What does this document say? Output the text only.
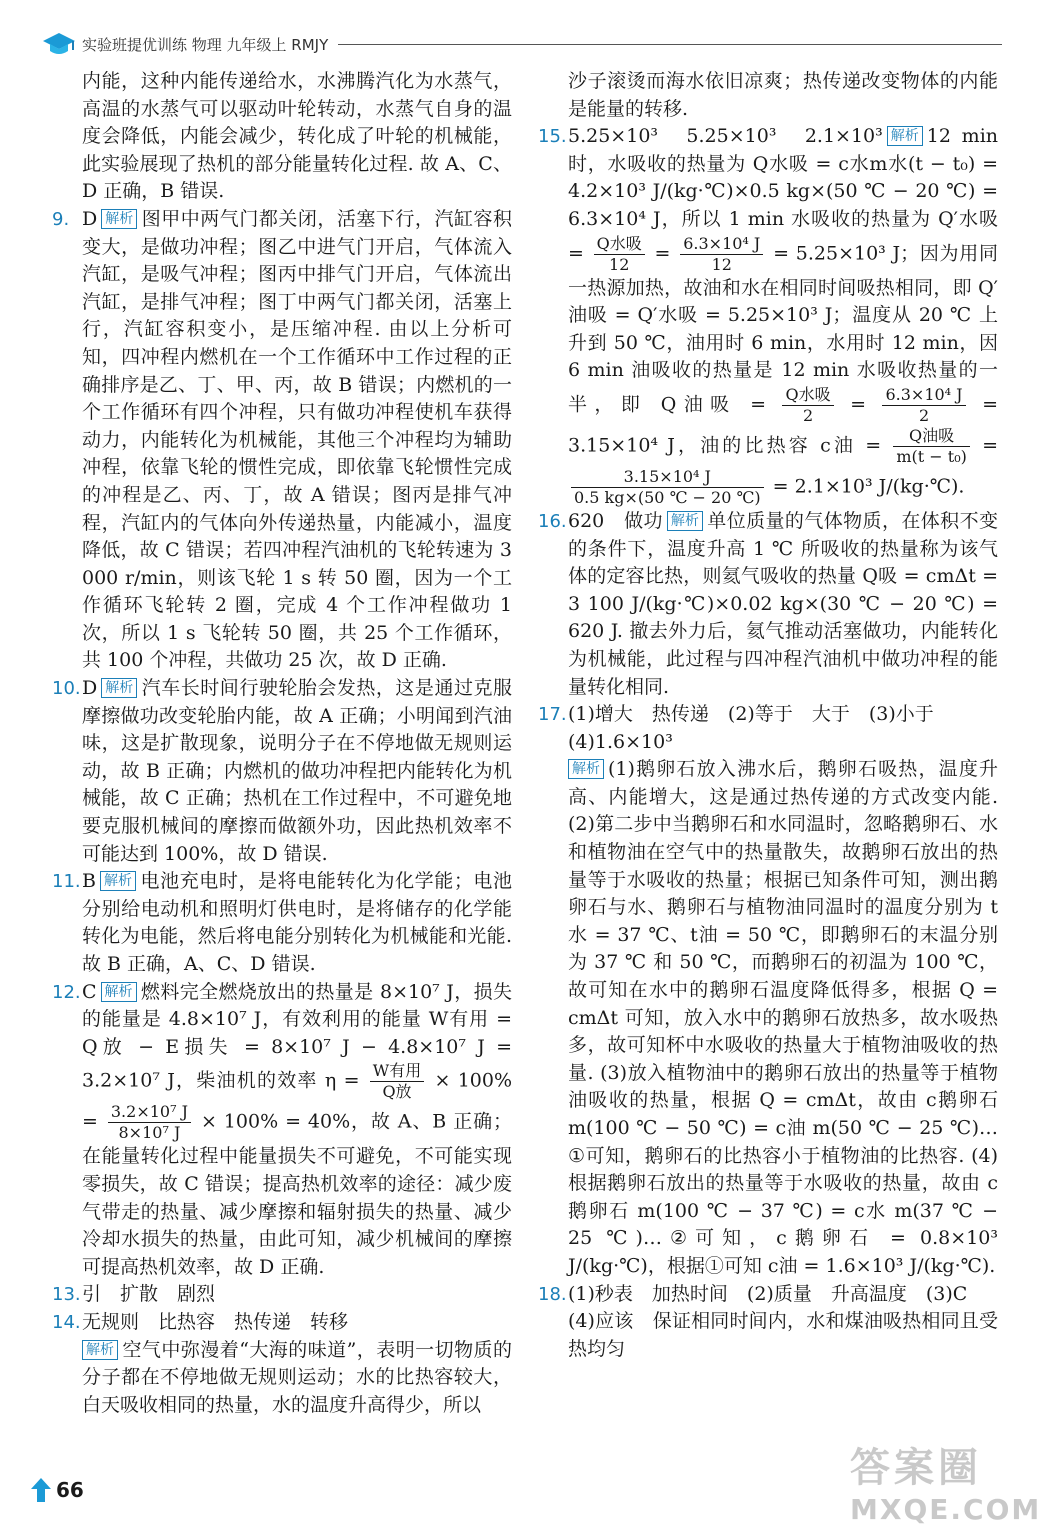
实验班提优训练 物理 九年级上 RMJY

内能，这种内能传递给水，水沸腾汽化为水蒸气，高温的水蒸气可以驱动叶轮转动，水蒸气自身的温度会降低，内能会减少，转化成了叶轮的机械能，此实验展现了热机的部分能量转化过程. 故 A、C、D 正确，B 错误.

9. D 解析 图甲中两气门都关闭，活塞下行，汽缸容积变大，是做功冲程；图乙中进气门开启，气体流入汽缸，是吸气冲程；图丙中排气门开启，气体流出汽缸，是排气冲程；图丁中两气门都关闭，活塞上行，汽缸容积变小，是压缩冲程. 由以上分析可知，四冲程内燃机在一个工作循环中工作过程的正确排序是乙、丁、甲、丙，故 B 错误；内燃机的一个工作循环有四个冲程，只有做功冲程使机车获得动力，内能转化为机械能，其他三个冲程均为辅助冲程，依靠飞轮的惯性完成，即依靠飞轮惯性完成的冲程是乙、丙、丁，故 A 错误；图丙是排气冲程，汽缸内的气体向外传递热量，内能减小，温度降低，故 C 错误；若四冲程汽油机的飞轮转速为 3 000 r/min，则该飞轮 1 s 转 50 圈，因为一个工作循环飞轮转 2 圈，完成 4 个工作冲程做功 1 次，所以 1 s 飞轮转 50 圈，共 25 个工作循环，共 100 个冲程，共做功 25 次，故 D 正确.
10. D 解析 汽车长时间行驶轮胎会发热，这是通过克服摩擦做功改变轮胎内能，故 A 正确；小明闻到汽油味，这是扩散现象，说明分子在不停地做无规则运动，故 B 正确；内燃机的做功冲程把内能转化为机械能，故 C 正确；热机在工作过程中，不可避免地要克服机械间的摩擦而做额外功，因此热机效率不可能达到 100%，故 D 错误.
11. B 解析 电池充电时，是将电能转化为化学能；电池分别给电动机和照明灯供电时，是将储存的化学能转化为电能，然后将电能分别转化为机械能和光能. 故 B 正确，A、C、D 错误.
12. C 解析 燃料完全燃烧放出的热量是 8×10⁷ J，损失的能量是 4.8×10⁷ J，有效利用的能量 W有用 = Q放 − E损失 = 8×10⁷ J − 4.8×10⁷ J = 3.2×10⁷ J，柴油机的效率 $\eta = \frac{\text{W有用}}{\text{Q放}} \times 100\% = \frac{\text{3.2×10⁷ J}}{\text{8×10⁷ J}} \times 100\% = 40\%$，故 A、B 正确；在能量转化过程中能量损失不可避免，不可能实现零损失，故 C 错误；提高热机效率的途径：减少废气带走的热量、减少摩擦和辐射损失的热量、减少冷却水损失的热量，由此可知，减少机械间的摩擦可提高热机效率，故 D 正确.
13. 引　扩散　剧烈
14. 无规则　比热容　热传递　转移
解析 空气中弥漫着“大海的味道”，表明一切物质的分子都在不停地做无规则运动；水的比热容较大，白天吸收相同的热量，水的温度升高得少，所以

沙子滚烫而海水依旧凉爽；热传递改变物体的内能是能量的转移.

15. 5.25×10³　5.25×10³　2.1×10³ 解析 12 min 时，水吸收的热量为 Q水吸 = c水m水(t − t₀) = 4.2×10³ J/(kg·℃)×0.5 kg×(50 ℃ − 20 ℃) = 6.3×10⁴ J，所以 1 min 水吸收的热量为 Q′水吸 = $\frac{\text{Q水吸}}{12} = \frac{\text{6.3×10⁴ J}}{12} = 5.25\times 10^3$ J；因为用同一热源加热，故油和水在相同时间吸热相同，即 Q′油吸 = Q′水吸 = 5.25×10³ J；温度从 20 ℃ 上升到 50 ℃，油用时 6 min，水用时 12 min，因 6 min 油吸收的热量是 12 min 水吸收热量的一半，即 Q油吸 = $\frac{\text{Q水吸}}{2} = \frac{\text{6.3×10⁴ J}}{2} = 3.15\times 10^4$ J，油的比热容 c油 = $\frac{\text{Q油吸}}{\text{m(t − t₀)}}$ =
$\frac{\text{3.15×10⁴ J}}{0.5 kg\times(50 ℃ - 20 ℃)} = 2.1\times 10^3$ J/(kg·℃).
16. 620　做功 解析 单位质量的气体物质，在体积不变的条件下，温度升高 1 ℃ 所吸收的热量称为该气体的定容比热，则氦气吸收的热量 Q吸 = cmΔt = 3 100 J/(kg·℃)×0.02 kg×(30 ℃ − 20 ℃) = 620 J. 撤去外力后，氦气推动活塞做功，内能转化为机械能，此过程与四冲程汽油机中做功冲程的能量转化相同.
17. (1)增大　热传递　(2)等于　大于　(3)小于
(4)1.6×10³
解析 (1)鹅卵石放入沸水后，鹅卵石吸热，温度升高、内能增大，这是通过热传递的方式改变内能. (2)第二步中当鹅卵石和水同温时，忽略鹅卵石、水和植物油在空气中的热量散失，故鹅卵石放出的热量等于水吸收的热量；根据已知条件可知，测出鹅卵石与水、鹅卵石与植物油同温时的温度分别为 t水 = 37 ℃、t油 = 50 ℃，即鹅卵石的末温分别为 37 ℃ 和 50 ℃，而鹅卵石的初温为 100 ℃，故可知在水中的鹅卵石温度降低得多，根据 Q = cmΔt 可知，放入水中的鹅卵石放热多，故水吸热多，故可知杯中水吸收的热量大于植物油吸收的热量. (3)放入植物油中的鹅卵石放出的热量等于植物油吸收的热量，根据 Q = cmΔt，故由 c鹅卵石 m(100 ℃ − 50 ℃) = c油 m(50 ℃ − 25 ℃)…①可知，鹅卵石的比热容小于植物油的比热容. (4)根据鹅卵石放出的热量等于水吸收的热量，故由 c鹅卵石 m(100 ℃ − 37 ℃) = c水 m(37 ℃ − 25 ℃)…②可知，c鹅卵石 = 0.8×10³ J/(kg·℃)，根据①可知 c油 = 1.6×10³ J/(kg·℃).
18. (1)秒表　加热时间　(2)质量　升高温度　(3)C
(4)应该　保证相同时间内，水和煤油吸热相同且受热均匀
66	答案圈
MXQE.COM
